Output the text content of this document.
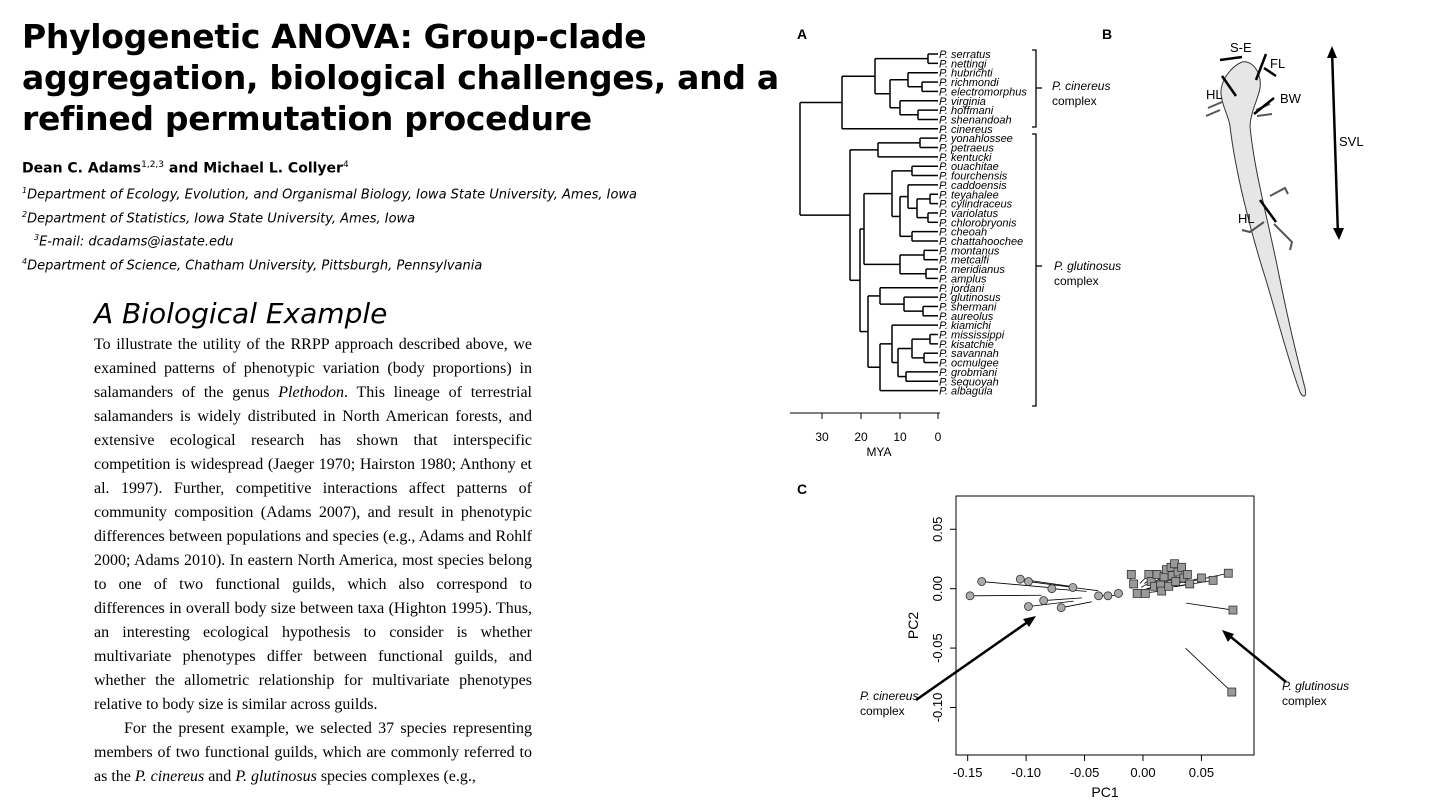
Phylogenetic ANOVA: Group-clade aggregation, biological challenges, and a refined permutation procedure
Dean C. Adams$^{1,2,3}$ and Michael L. Collyer$^4$
$^1$Department of Ecology, Evolution, and Organismal Biology, Iowa State University, Ames, Iowa
$^2$Department of Statistics, Iowa State University, Ames, Iowa
$^3$E-mail: dcadams@iastate.edu
$^4$Department of Science, Chatham University, Pittsburgh, Pennsylvania
A Biological Example

To illustrate the utility of the RRPP approach described above, we examined patterns of phenotypic variation (body proportions) in salamanders of the genus Plethodon. This lineage of terrestrial salamanders is widely distributed in North American forests, and extensive ecological research has shown that interspecific competition is widespread (Jaeger 1970; Hairston 1980; Anthony et al. 1997). Further, competitive interactions affect patterns of community composition (Adams 2007), and result in phenotypic differences between populations and species (e.g., Adams and Rohlf 2000; Adams 2010). In eastern North America, most species belong to one of two functional guilds, which also correspond to differences in overall body size between taxa (Highton 1995). Thus, an interesting ecological hypothesis to consider is whether multivariate phenotypes differ between functional guilds, and whether the allometric relationship for multivariate phenotypes relative to body size is similar across guilds.

For the present example, we selected 37 species representing members of two functional guilds, which are commonly referred to as the P. cinereus and P. glutinosus species complexes (e.g.,

A	B
C
P. serratus
P. nettingi
P. hubrichti
P. richmondi
P. electromorphus
P. virginia
P. hoffmani
P. shenandoah
P. cinereus
P. yonahlossee
P. petraeus
P. kentucki
P. ouachitae
P. fourchensis
P. caddoensis
P. teyahalee
P. cylindraceus
P. variolatus
P. chlorobryonis
P. cheoah
P. chattahoochee
P. montanus
P. metcalfi
P. meridianus
P. amplus
P. jordani
P. glutinosus
P. shermani
P. aureolus
P. kiamichi
P. mississippi
P. kisatchie
P. savannah
P. ocmulgee
P. grobmani
P. sequoyah
P. albagula
30 20 10 0
MYA
P. cinereus
complex
P. glutinosus
complex
S-E
FL
HL	BW
SVL
HL
-0.15 -0.10 -0.05 0.00	0.05
0.05
0.00
-0.05
-0.10
PC1
PC2
P. cinereus
complex
P. glutinosus
complex
